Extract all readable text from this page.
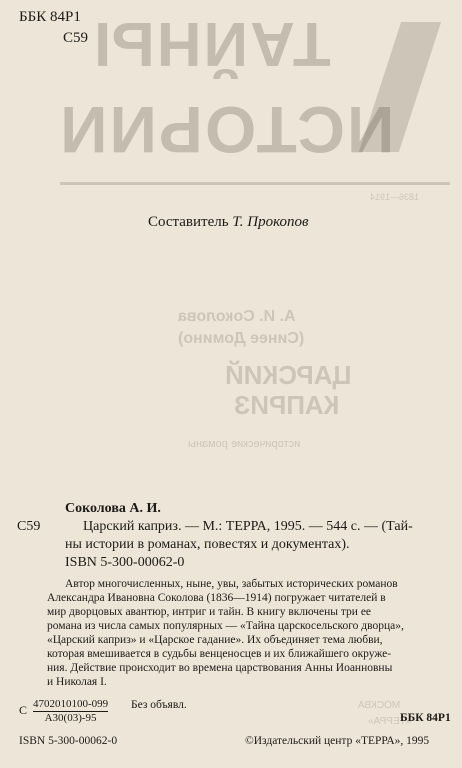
ТАЙНЫ
ИСТОРИИ
1836—1914
А. И. Соколова
(Синее Домино)
ЦАРСКИЙ
КАПРИЗ
исторические романы
МОСКВА
«ТЕРРА»
ББК 84Р1
С59
Составитель Т. Прокопов
Соколова А. И.
С59	Царский каприз. — М.: ТЕРРА, 1995. — 544 с. — (Тай-
ны истории в романах, повестях и документах).
ISBN 5-300-00062-0
Автор многочисленных, ныне, увы, забытых исторических романов
Александра Ивановна Соколова (1836—1914) погружает читателей в
мир дворцовых авантюр, интриг и тайн. В книгу включены три ее
романа из числа самых популярных — «Тайна царскосельского дворца»,
«Царский каприз» и «Царское гадание». Их объединяет тема любви,
которая вмешивается в судьбы венценосцев и их ближайшего окруже-
ния. Действие происходит во времена царствования Анны Иоанновны
и Николая I.
С 4702010100-099
А30(03)-95
Без объявл.
ББК 84Р1
ISBN 5-300-00062-0	©Издательский центр «ТЕРРА», 1995
